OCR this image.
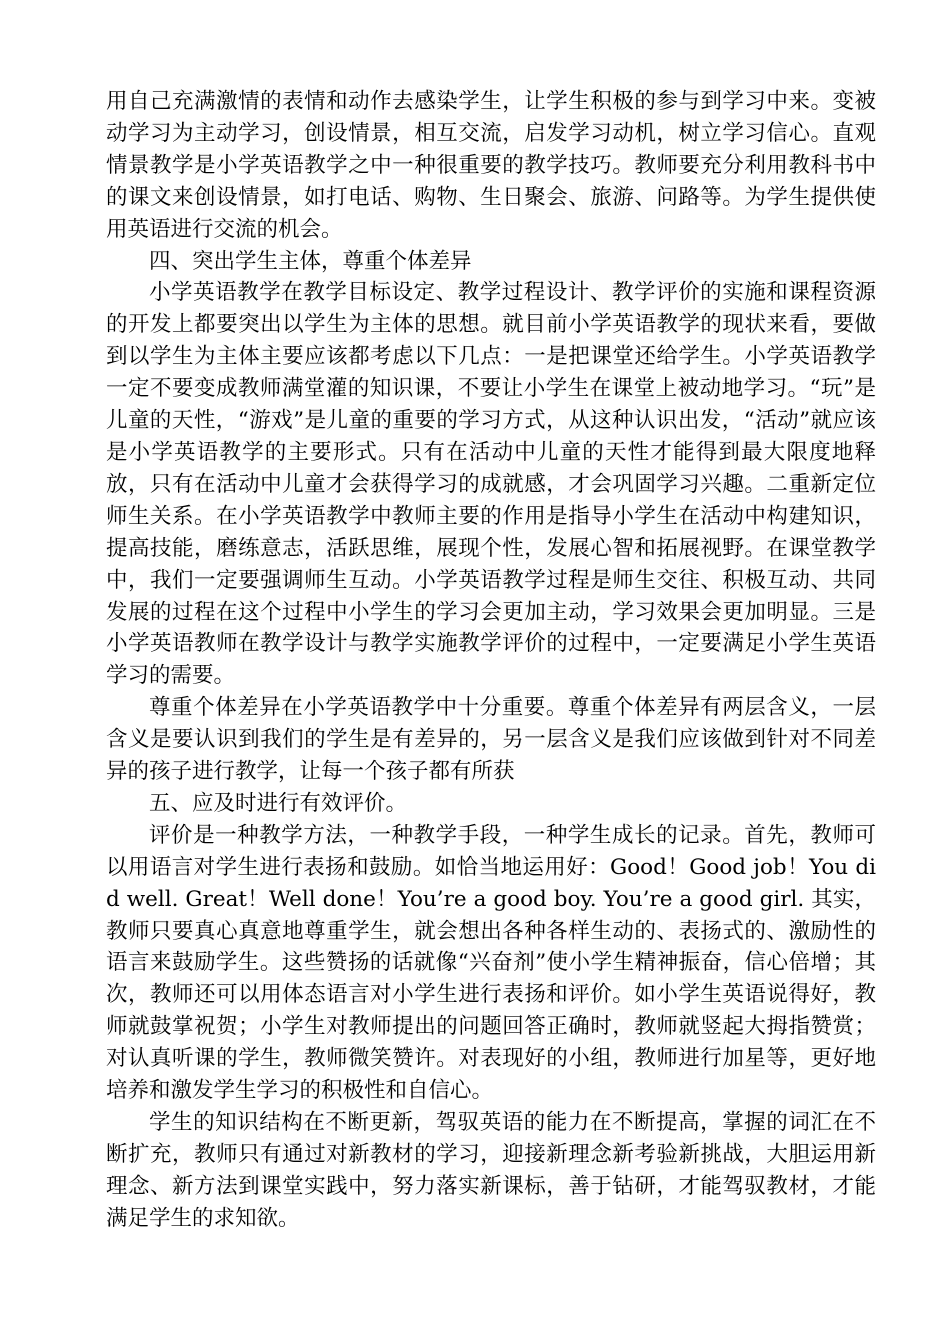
用自己充满激情的表情和动作去感染学生，让学生积极的参与到学习中来。变被动学习为主动学习，创设情景，相互交流，启发学习动机，树立学习信心。直观情景教学是小学英语教学之中一种很重要的教学技巧。教师要充分利用教科书中的课文来创设情景，如打电话、购物、生日聚会、旅游、问路等。为学生提供使用英语进行交流的机会。

四、突出学生主体，尊重个体差异

小学英语教学在教学目标设定、教学过程设计、教学评价的实施和课程资源的开发上都要突出以学生为主体的思想。就目前小学英语教学的现状来看，要做到以学生为主体主要应该都考虑以下几点：一是把课堂还给学生。小学英语教学一定不要变成教师满堂灌的知识课，不要让小学生在课堂上被动地学习。“玩”是儿童的天性，“游戏”是儿童的重要的学习方式，从这种认识出发，“活动”就应该是小学英语教学的主要形式。只有在活动中儿童的天性才能得到最大限度地释放，只有在活动中儿童才会获得学习的成就感，才会巩固学习兴趣。二重新定位师生关系。在小学英语教学中教师主要的作用是指导小学生在活动中构建知识，提高技能，磨练意志，活跃思维，展现个性，发展心智和拓展视野。在课堂教学中，我们一定要强调师生互动。小学英语教学过程是师生交往、积极互动、共同发展的过程在这个过程中小学生的学习会更加主动，学习效果会更加明显。三是小学英语教师在教学设计与教学实施教学评价的过程中，一定要满足小学生英语学习的需要。

尊重个体差异在小学英语教学中十分重要。尊重个体差异有两层含义，一层含义是要认识到我们的学生是有差异的，另一层含义是我们应该做到针对不同差异的孩子进行教学，让每一个孩子都有所获

五、应及时进行有效评价。

评价是一种教学方法，一种教学手段，一种学生成长的记录。首先，教师可以用语言对学生进行表扬和鼓励。如恰当地运用好：Good！Good job！You did well. Great！Well done！You’re a good boy. You’re a good girl. 其实，教师只要真心真意地尊重学生，就会想出各种各样生动的、表扬式的、激励性的语言来鼓励学生。这些赞扬的话就像“兴奋剂”使小学生精神振奋，信心倍增；其次，教师还可以用体态语言对小学生进行表扬和评价。如小学生英语说得好，教师就鼓掌祝贺；小学生对教师提出的问题回答正确时，教师就竖起大拇指赞赏；对认真听课的学生，教师微笑赞许。对表现好的小组，教师进行加星等，更好地培养和激发学生学习的积极性和自信心。

学生的知识结构在不断更新，驾驭英语的能力在不断提高，掌握的词汇在不断扩充，教师只有通过对新教材的学习，迎接新理念新考验新挑战，大胆运用新理念、新方法到课堂实践中，努力落实新课标，善于钻研，才能驾驭教材，才能满足学生的求知欲。
